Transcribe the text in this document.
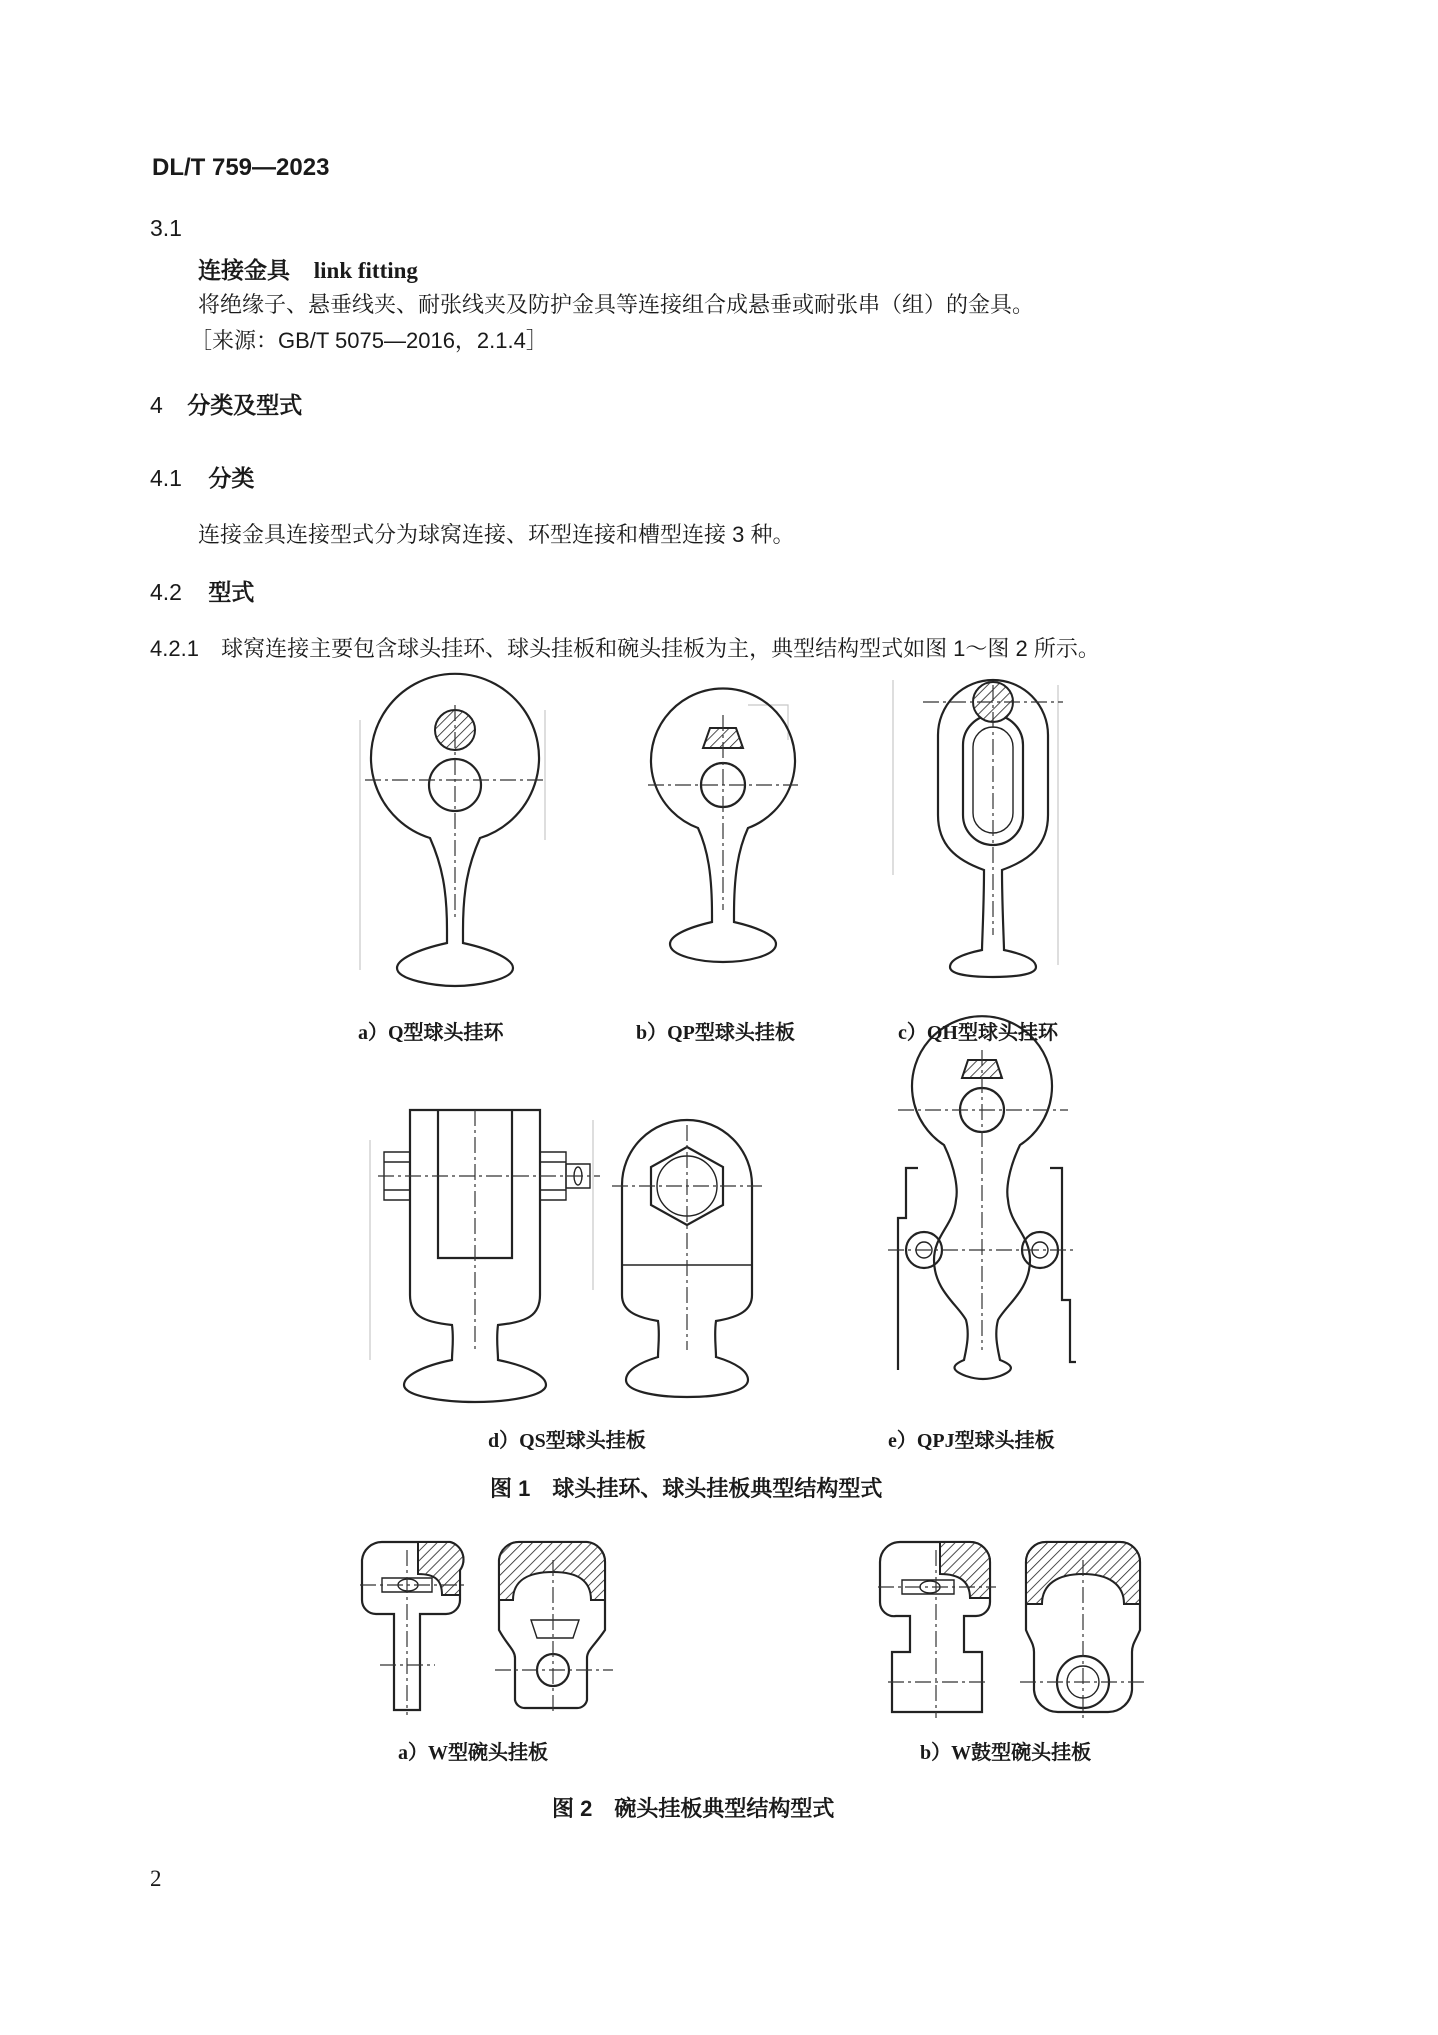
DL/T 759—2023
3.1
连接金具 link fitting
将绝缘子、悬垂线夹、耐张线夹及防护金具等连接组合成悬垂或耐张串（组）的金具。
［来源：GB/T 5075—2016，2.1.4］
4 分类及型式
4.1 分类
连接金具连接型式分为球窝连接、环型连接和槽型连接 3 种。
4.2 型式
4.2.1 球窝连接主要包含球头挂环、球头挂板和碗头挂板为主，典型结构型式如图 1～图 2 所示。
a）Q型球头挂环	b）QP型球头挂板	c）QH型球头挂环
d）QS型球头挂板	e）QPJ型球头挂板
图 1　球头挂环、球头挂板典型结构型式
a）W型碗头挂板	b）W鼓型碗头挂板
图 2　碗头挂板典型结构型式
2
